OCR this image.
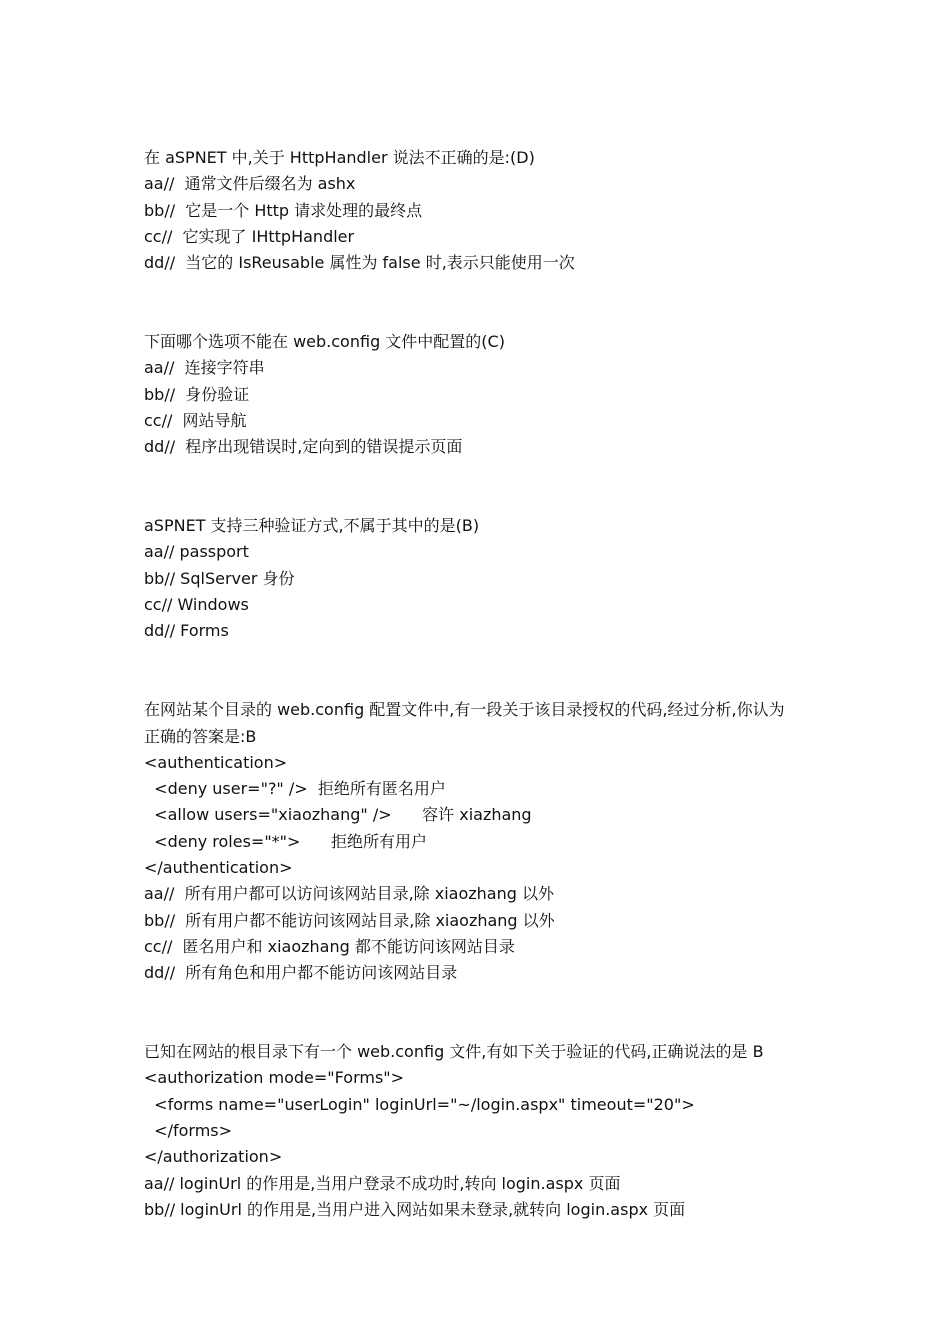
在 aSPNET 中,关于 HttpHandler 说法不正确的是:(D)
aa//  通常文件后缀名为 ashx
bb//  它是一个 Http 请求处理的最终点
cc//  它实现了 IHttpHandler
dd//  当它的 IsReusable 属性为 false 时,表示只能使用一次
下面哪个选项不能在 web.config 文件中配置的(C)
aa//  连接字符串
bb//  身份验证
cc//  网站导航
dd//  程序出现错误时,定向到的错误提示页面
aSPNET 支持三种验证方式,不属于其中的是(B)
aa// passport
bb// SqlServer 身份
cc// Windows
dd// Forms
在网站某个目录的 web.config 配置文件中,有一段关于该目录授权的代码,经过分析,你认为
正确的答案是:B
<authentication>
<deny user="?" />  拒绝所有匿名用户
<allow users="xiaozhang" />      容许 xiazhang
<deny roles="*">      拒绝所有用户
</authentication>
aa//  所有用户都可以访问该网站目录,除 xiaozhang 以外
bb//  所有用户都不能访问该网站目录,除 xiaozhang 以外
cc//  匿名用户和 xiaozhang 都不能访问该网站目录
dd//  所有角色和用户都不能访问该网站目录
已知在网站的根目录下有一个 web.config 文件,有如下关于验证的代码,正确说法的是 B
<authorization mode="Forms">
<forms name="userLogin" loginUrl="~/login.aspx" timeout="20">
</forms>
</authorization>
aa// loginUrl 的作用是,当用户登录不成功时,转向 login.aspx 页面
bb// loginUrl 的作用是,当用户进入网站如果未登录,就转向 login.aspx 页面
